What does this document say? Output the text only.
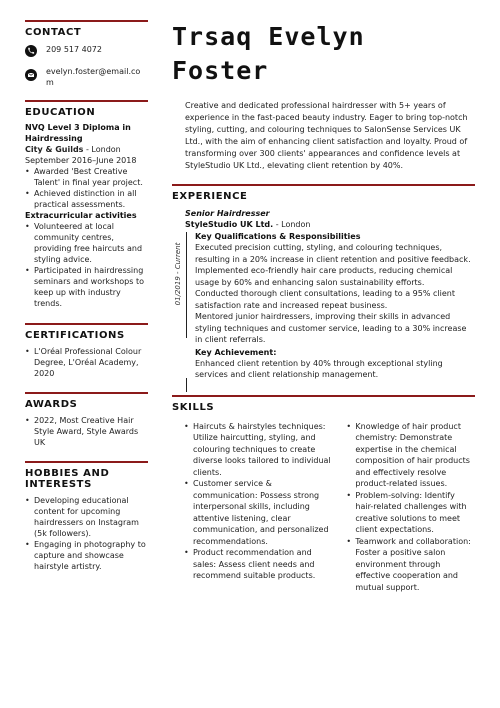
CONTACT
209 517 4072
evelyn.foster@email.com
EDUCATION
NVQ Level 3 Diploma in Hairdressing
City & Guilds - London
September 2016–June 2018
• Awarded 'Best Creative Talent' in final year project.
• Achieved distinction in all practical assessments.
Extracurricular activities
• Volunteered at local community centres, providing free haircuts and styling advice.
• Participated in hairdressing seminars and workshops to keep up with industry trends.
CERTIFICATIONS
• L'Oréal Professional Colour Degree, L'Oréal Academy, 2020
AWARDS
• 2022, Most Creative Hair Style Award, Style Awards UK
HOBBIES AND INTERESTS
• Developing educational content for upcoming hairdressers on Instagram (5k followers).
• Engaging in photography to capture and showcase hairstyle artistry.
Trsaq Evelyn Foster
Creative and dedicated professional hairdresser with 5+ years of experience in the fast-paced beauty industry. Eager to bring top-notch styling, cutting, and colouring techniques to SalonSense Services UK Ltd., with the aim of enhancing client satisfaction and loyalty. Proud of transforming over 300 clients' appearances and confidence levels at StyleStudio UK Ltd., elevating client retention by 40%.
EXPERIENCE
01/2019 - Current
Senior Hairdresser
StyleStudio UK Ltd. - London
Key Qualifications & Responsibilities

Executed precision cutting, styling, and colouring techniques, resulting in a 20% increase in client retention and positive feedback.

Implemented eco-friendly hair care products, reducing chemical usage by 60% and enhancing salon sustainability efforts.

Conducted thorough client consultations, leading to a 95% client satisfaction rate and increased repeat business.

Mentored junior hairdressers, improving their skills in advanced styling techniques and customer service, leading to a 30% increase in client referrals.

Key Achievement:

Enhanced client retention by 40% through exceptional styling services and client relationship management.

SKILLS
• Haircuts & hairstyles techniques: Utilize haircutting, styling, and colouring techniques to create diverse looks tailored to individual clients.
• Customer service & communication: Possess strong interpersonal skills, including attentive listening, clear communication, and personalized recommendations.
• Product recommendation and sales: Assess client needs and recommend suitable products.
• Knowledge of hair product chemistry: Demonstrate expertise in the chemical composition of hair products and effectively resolve product-related issues.
• Problem-solving: Identify hair-related challenges with creative solutions to meet client expectations.
• Teamwork and collaboration: Foster a positive salon environment through effective cooperation and mutual support.
